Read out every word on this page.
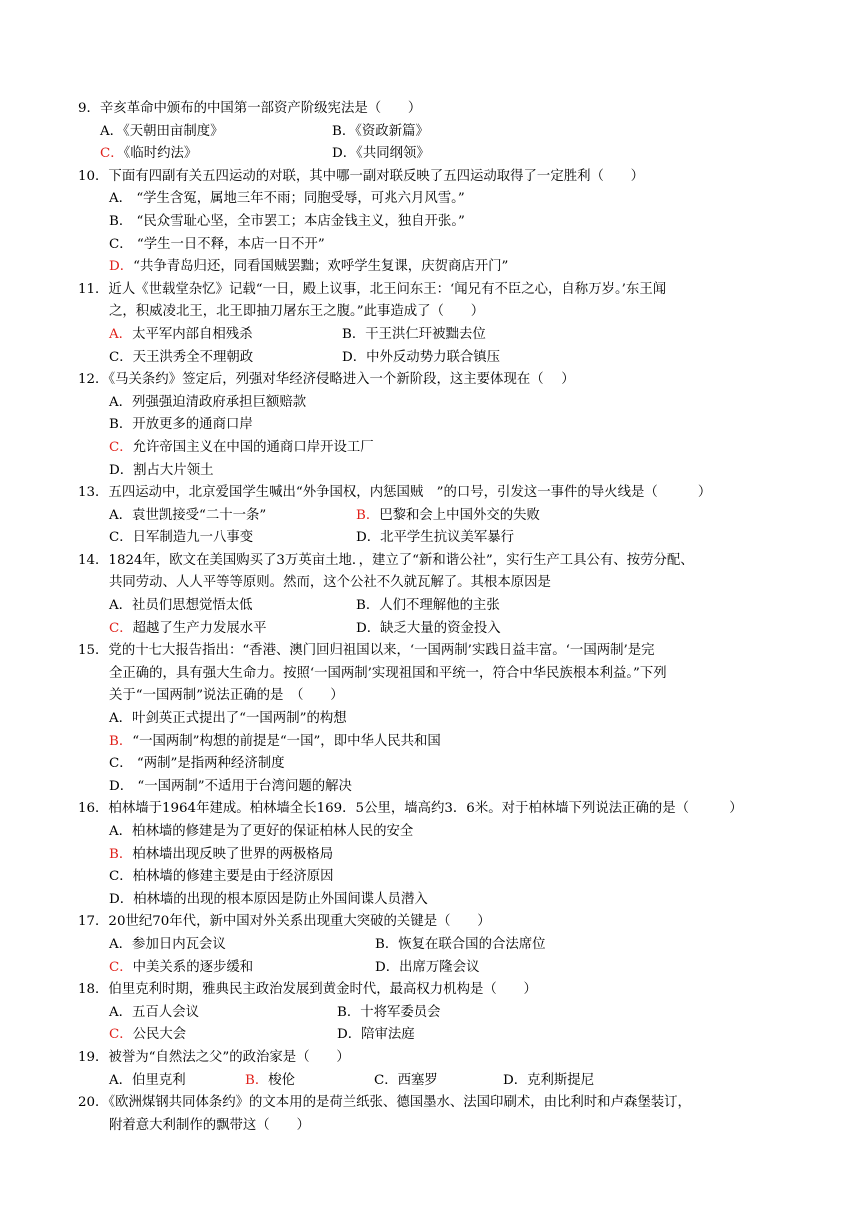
9．辛亥革命中颁布的中国第一部资产阶级宪法是（　　）
A．《天朝田亩制度》	B．《资政新篇》
C．《临时约法》	D．《共同纲领》
10．下面有四副有关五四运动的对联，其中哪一副对联反映了五四运动取得了一定胜利（　　）
A． “学生含冤，属地三年不雨；同胞受辱，可兆六月风雪。”
B． “民众雪耻心坚，全市罢工；本店金钱主义，独自开张。”
C． “学生一日不释，本店一日不开”
D． “共争青岛归还，同看国贼罢黜；欢呼学生复课，庆贺商店开门”
11．近人《世载堂杂忆》记载“一日，殿上议事，北王问东王：‘闻兄有不臣之心，自称万岁。’东王闻
之，积威凌北王，北王即抽刀屠东王之腹。”此事造成了（　　）
A．太平军内部自相残杀	B．干王洪仁玕被黜去位
C．天王洪秀全不理朝政	D．中外反动势力联合镇压
12．《马关条约》签定后，列强对华经济侵略进入一个新阶段，这主要体现在（　 ）
A．列强强迫清政府承担巨额赔款
B．开放更多的通商口岸
C． 允许帝国主义在中国的通商口岸开设工厂
D．割占大片领土
13．五四运动中，北京爱国学生喊出“外争国权，内惩国贼　”的口号，引发这一事件的导火线是（　　　）
A．袁世凯接受“二十一条”	B．巴黎和会上中国外交的失败
C．日军制造九一八事变	D．北平学生抗议美军暴行
14．1824年，欧文在美国购买了3万英亩土地．，建立了“新和谐公社”，实行生产工具公有、按劳分配、
共同劳动、人人平等等原则。然而，这个公社不久就瓦解了。其根本原因是
A．社员们思想觉悟太低	B．人们不理解他的主张
C．超越了生产力发展水平	D．缺乏大量的资金投入
15．党的十七大报告指出：“香港、澳门回归祖国以来，‘一国两制’实践日益丰富。‘一国两制’是完
全正确的，具有强大生命力。按照‘一国两制’实现祖国和平统一，符合中华民族根本利益。”下列
关于“一国两制”说法正确的是　（　　）
A．叶剑英正式提出了“一国两制”的构想
B． “一国两制”构想的前提是“一国”，即中华人民共和国
C． “两制”是指两种经济制度
D． “一国两制”不适用于台湾问题的解决
16．柏林墙于1964年建成。柏林墙全长169．5公里，墙高约3．6米。对于柏林墙下列说法正确的是（　　　）
A．柏林墙的修建是为了更好的保证柏林人民的安全
B． 柏林墙出现反映了世界的两极格局
C．柏林墙的修建主要是由于经济原因
D．柏林墙的出现的根本原因是防止外国间谍人员潜入
17．20世纪70年代，新中国对外关系出现重大突破的关键是（　　）
A．参加日内瓦会议	B．恢复在联合国的合法席位
C．中美关系的逐步缓和	D．出席万隆会议
18．伯里克利时期，雅典民主政治发展到黄金时代，最高权力机构是（　　）
A．五百人会议	B．十将军委员会
C．公民大会	D．陪审法庭
19．被誉为“自然法之父”的政治家是（　　）
A．伯里克利	B．梭伦	C．西塞罗	D．克利斯提尼
20．《欧洲煤钢共同体条约》的文本用的是荷兰纸张、德国墨水、法国印刷术，由比利时和卢森堡装订，
附着意大利制作的飘带这（　　）
